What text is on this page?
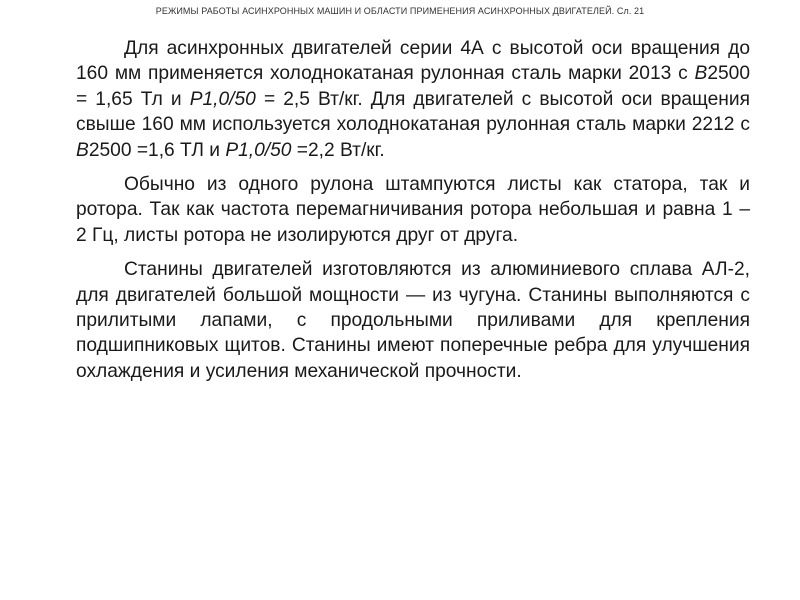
РЕЖИМЫ РАБОТЫ АСИНХРОННЫХ МАШИН И ОБЛАСТИ ПРИМЕНЕНИЯ АСИНХРОННЫХ ДВИГАТЕЛЕЙ. Сл. 21

Для асинхронных двигателей серии 4А с высотой оси вращения до 160 мм применяется холоднокатаная рулонная сталь марки 2013 с B2500 = 1,65 Тл и P1,0/50 = 2,5 Вт/кг. Для двигателей с высотой оси вращения свыше 160 мм используется холоднокатаная рулонная сталь марки 2212 с B2500 =1,6 ТЛ и P1,0/50 =2,2 Вт/кг.

Обычно из одного рулона штампуются листы как статора, так и ротора. Так как частота перемагничивания ротора небольшая и равна 1 – 2 Гц, листы ротора не изолируются друг от друга.

Станины двигателей изготовляются из алюминиевого сплава АЛ-2, для двигателей большой мощности — из чугуна. Станины выполняются с прилитыми лапами, с продольными приливами для крепления подшипниковых щитов. Станины имеют поперечные ребра для улучшения охлаждения и усиления механической прочности.
